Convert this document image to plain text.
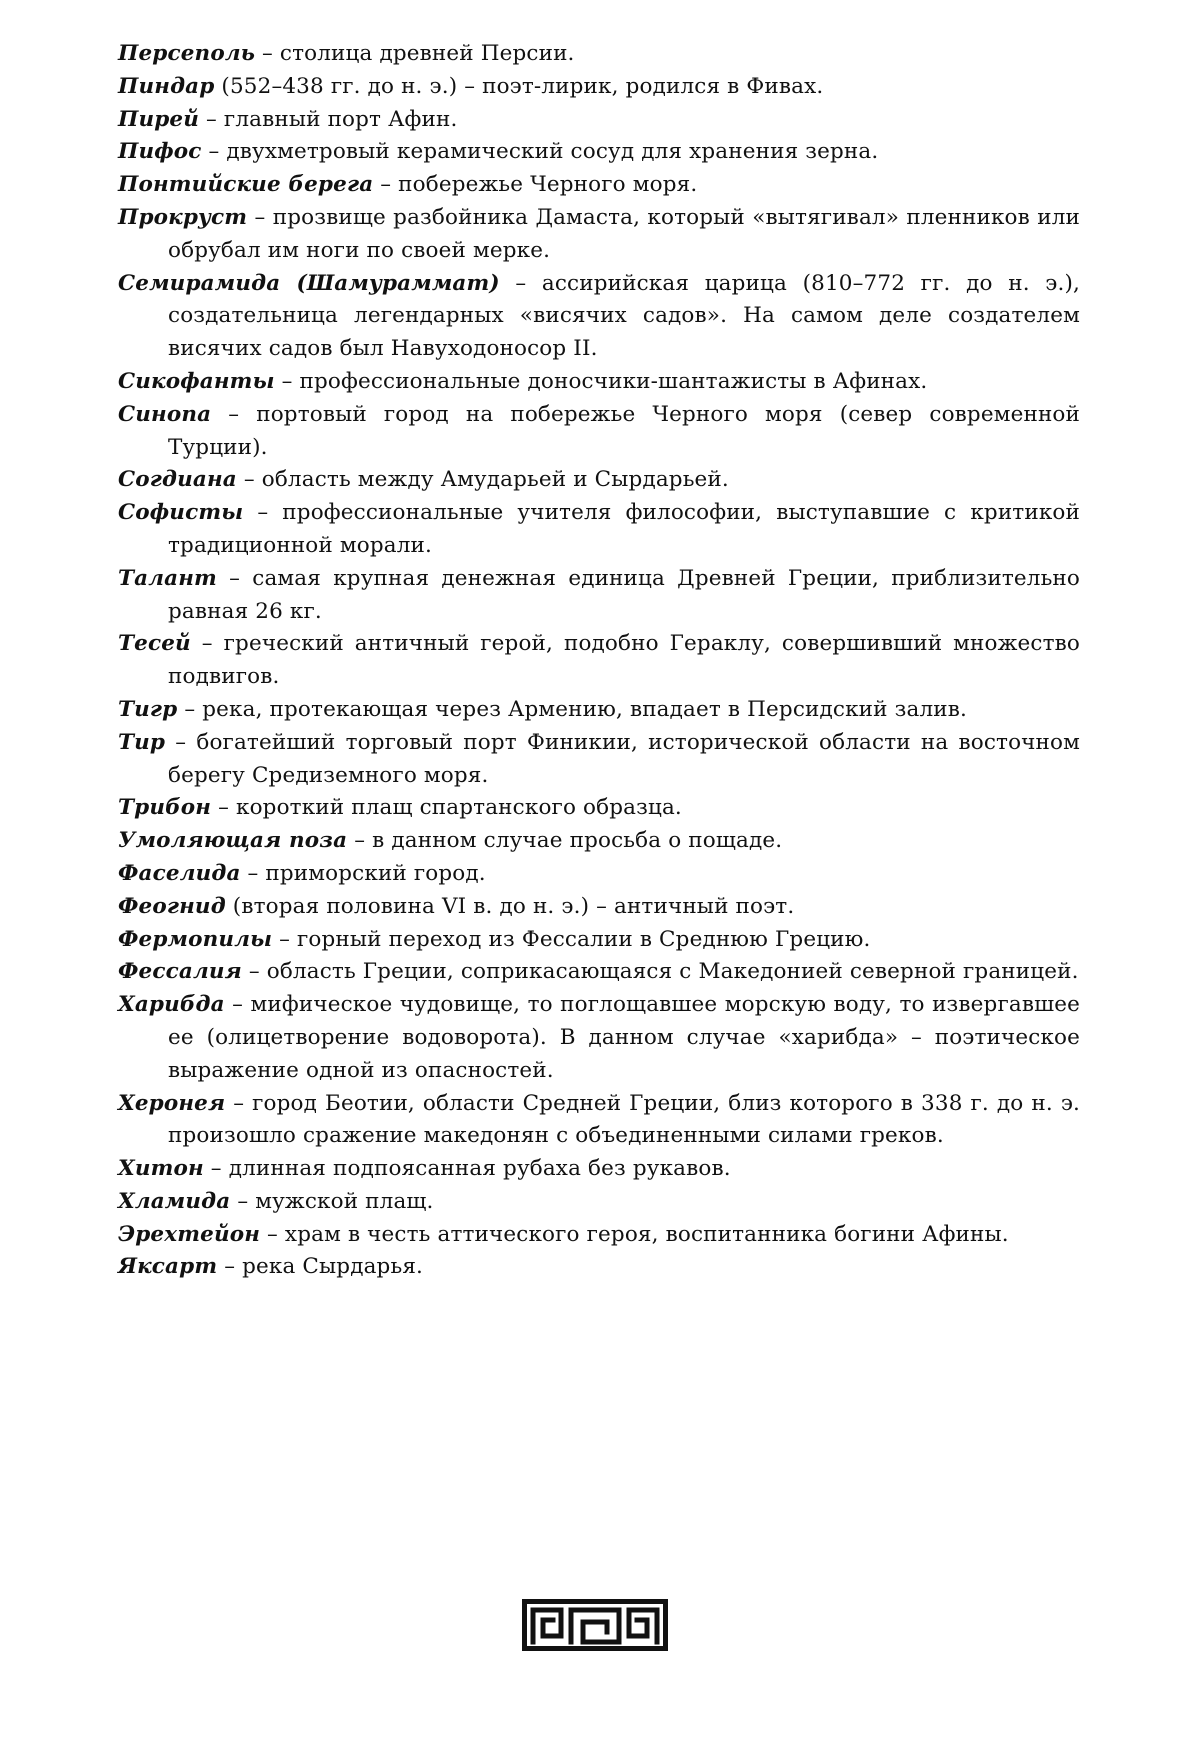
Персеполь – столица древней Персии.

Пиндар (552–438 гг. до н. э.) – поэт-лирик, родился в Фивах.

Пирей – главный порт Афин.

Пифос – двухметровый керамический сосуд для хранения зерна.

Понтийские берега – побережье Черного моря.

Прокруст – прозвище разбойника Дамаста, который «вытягивал» пленников или обрубал им ноги по своей мерке.

Семирамида (Шамураммат) – ассирийская царица (810–772 гг. до н. э.), создательница легендарных «висячих садов». На самом деле создателем висячих садов был Навуходоносор II.

Сикофанты – профессиональные доносчики-шантажисты в Афинах.

Синопа – портовый город на побережье Черного моря (север современной Турции).

Согдиана – область между Амударьей и Сырдарьей.

Софисты – профессиональные учителя философии, выступавшие с критикой традиционной морали.

Талант – самая крупная денежная единица Древней Греции, приблизительно равная 26 кг.

Тесей – греческий античный герой, подобно Гераклу, совершивший множество подвигов.

Тигр – река, протекающая через Армению, впадает в Персидский залив.

Тир – богатейший торговый порт Финикии, исторической области на восточном берегу Средиземного моря.

Трибон – короткий плащ спартанского образца.

Умоляющая поза – в данном случае просьба о пощаде.

Фаселида – приморский город.

Феогнид (вторая половина VI в. до н. э.) – античный поэт.

Фермопилы – горный переход из Фессалии в Среднюю Грецию.

Фессалия – область Греции, соприкасающаяся с Македонией северной границей.

Харибда – мифическое чудовище, то поглощавшее морскую воду, то извергавшее ее (олицетворение водоворота). В данном случае «харибда» – поэтическое выражение одной из опасностей.

Херонея – город Беотии, области Средней Греции, близ которого в 338 г. до н. э. произошло сражение македонян с объединенными силами греков.

Хитон – длинная подпоясанная рубаха без рукавов.

Хламида – мужской плащ.

Эрехтейон – храм в честь аттического героя, воспитанника богини Афины.

Яксарт – река Сырдарья.
